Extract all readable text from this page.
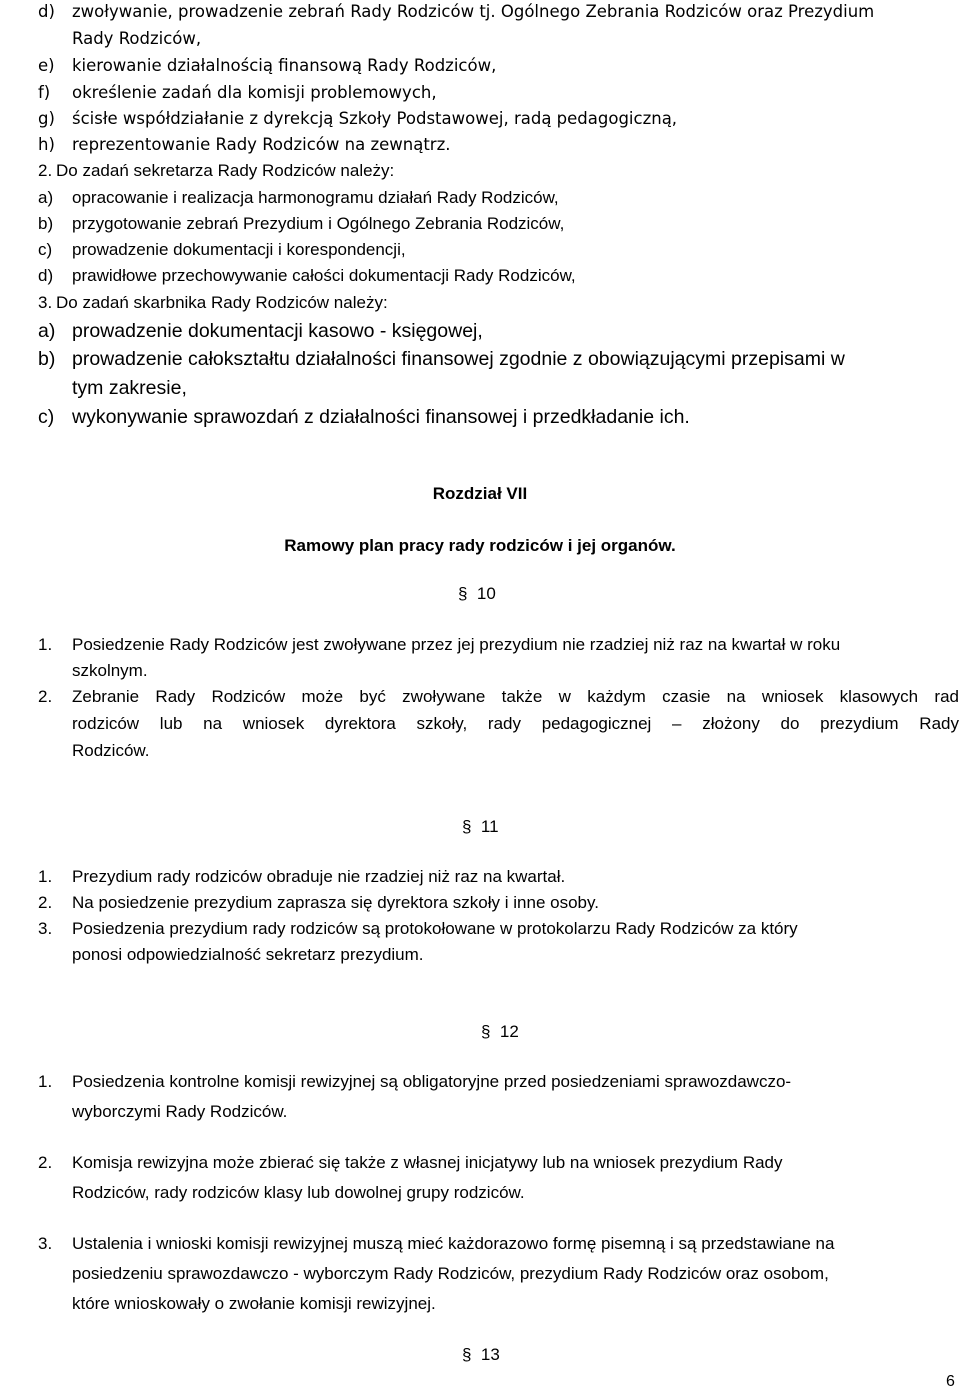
d) zwoływanie, prowadzenie zebrań Rady Rodziców tj. Ogólnego Zebrania Rodziców oraz Prezydium
Rady Rodziców,
e) kierowanie działalnością finansową Rady Rodziców,
f) określenie zadań dla komisji problemowych,
g) ścisłe współdziałanie z dyrekcją Szkoły Podstawowej, radą pedagogiczną,
h) reprezentowanie Rady Rodziców na zewnątrz.
2. Do zadań sekretarza Rady Rodziców należy:
a) opracowanie i realizacja harmonogramu działań Rady Rodziców,
b) przygotowanie zebrań Prezydium i Ogólnego Zebrania Rodziców,
c) prowadzenie dokumentacji i korespondencji,
d) prawidłowe przechowywanie całości dokumentacji Rady Rodziców,
3. Do zadań skarbnika Rady Rodziców należy:
a) prowadzenie dokumentacji kasowo - księgowej,
b) prowadzenie całokształtu działalności finansowej zgodnie z obowiązującymi przepisami w
tym zakresie,
c) wykonywanie sprawozdań z działalności finansowej i przedkładanie ich.
Rozdział VII
Ramowy plan pracy rady rodziców i jej organów.
§ 10
1. Posiedzenie Rady Rodziców jest zwoływane przez jej prezydium nie rzadziej niż raz na kwartał w roku
szkolnym.
2. Zebranie Rady Rodziców może być zwoływane także w każdym czasie na wniosek klasowych rad
rodziców lub na wniosek dyrektora szkoły, rady pedagogicznej – złożony do prezydium Rady
Rodziców.
§ 11
1. Prezydium rady rodziców obraduje nie rzadziej niż raz na kwartał.
2. Na posiedzenie prezydium zaprasza się dyrektora szkoły i inne osoby.
3. Posiedzenia prezydium rady rodziców są protokołowane w protokolarzu Rady Rodziców za który
ponosi odpowiedzialność sekretarz prezydium.
§ 12
1. Posiedzenia kontrolne komisji rewizyjnej są obligatoryjne przed posiedzeniami sprawozdawczo-
wyborczymi Rady Rodziców.
2. Komisja rewizyjna może zbierać się także z własnej inicjatywy lub na wniosek prezydium Rady
Rodziców, rady rodziców klasy lub dowolnej grupy rodziców.
3. Ustalenia i wnioski komisji rewizyjnej muszą mieć każdorazowo formę pisemną i są przedstawiane na
posiedzeniu sprawozdawczo - wyborczym Rady Rodziców, prezydium Rady Rodziców oraz osobom,
które wnioskowały o zwołanie komisji rewizyjnej.
§ 13
6
